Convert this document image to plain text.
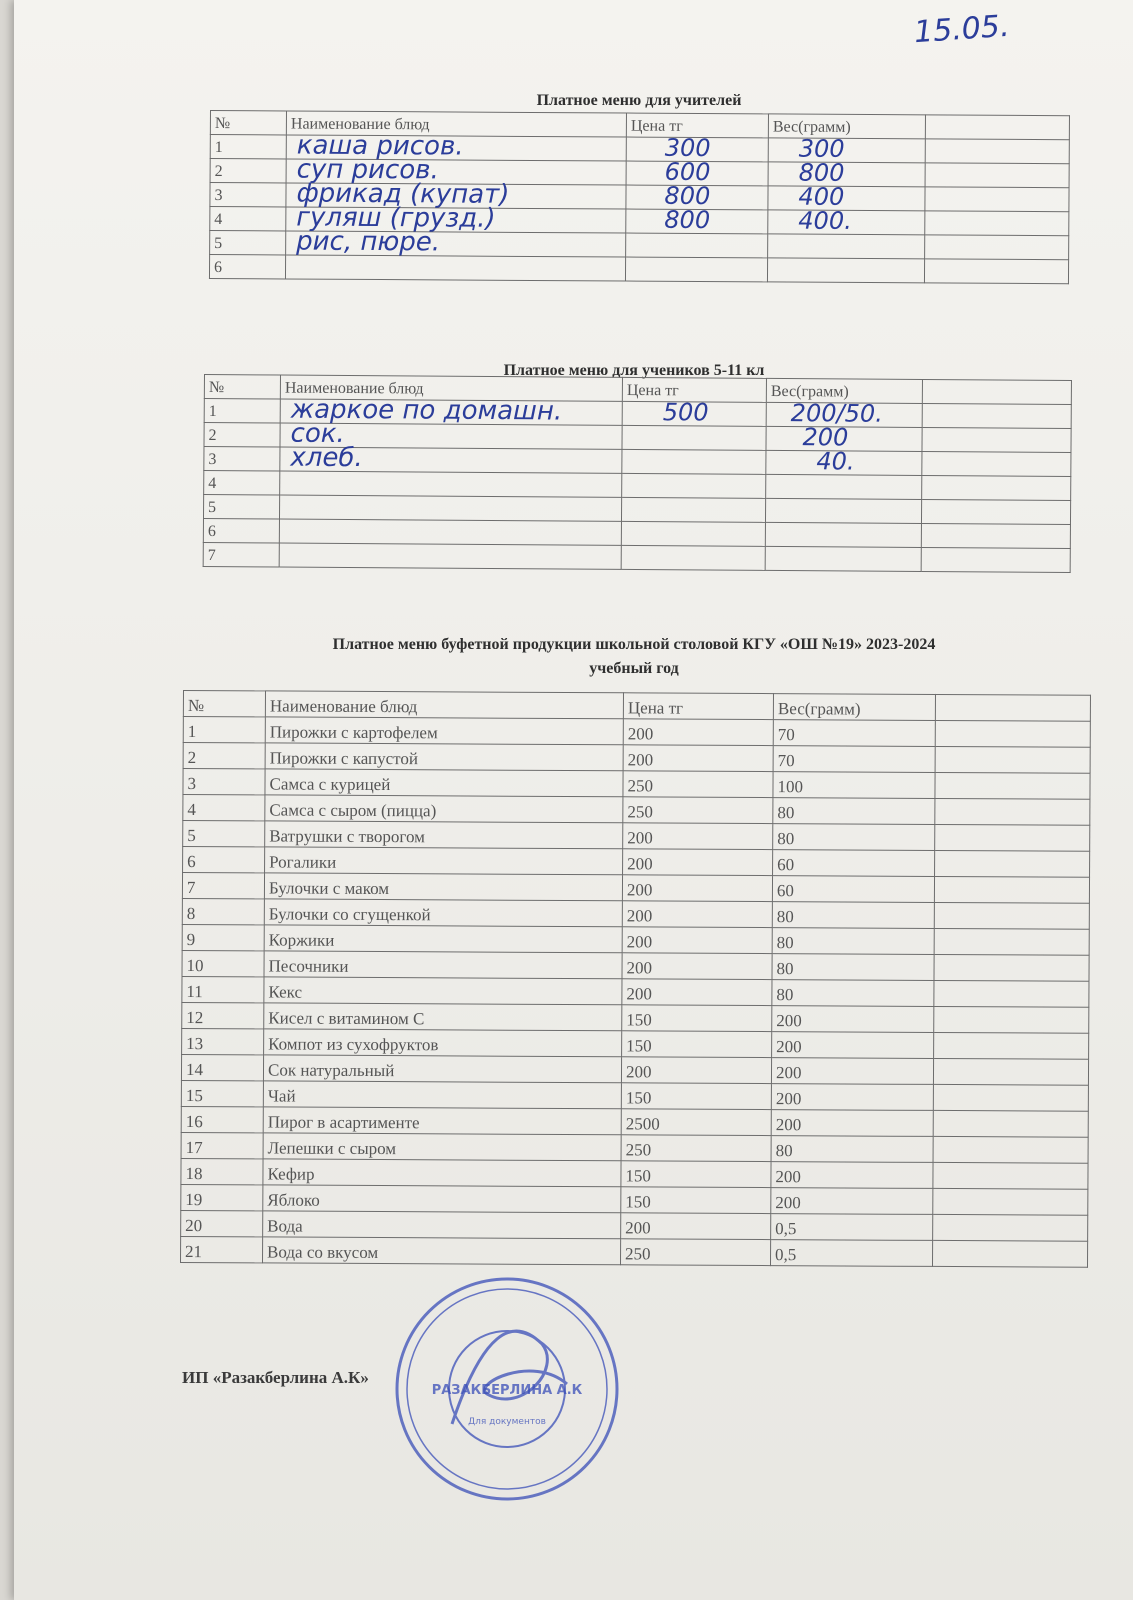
15.05.
Платное меню для учителей
№	Наименование блюд	Цена тг	Вес(грамм)	
1	каша рисов.	300	300	

2	суп рисов.	600	800	

3	фрикад (купат)	800	400	

4	гуляш (грузд.)	800	400.	

5	рис, пюре.			

6				
Платное меню для учеников 5-11 кл
№	Наименование блюд	Цена тг	Вес(грамм)	
1	жаркое по домашн.	500	200/50.	

2	сок.		200	

3	хлеб.		40.	

4				
5				
6				
7				
Платное меню буфетной продукции школьной столовой КГУ «ОШ №19» 2023-2024
учебный год
№	Наименование блюд	Цена тг	Вес(грамм)	
1	Пирожки с картофелем	200	70	
2	Пирожки с капустой	200	70	
3	Самса с курицей	250	100	
4	Самса с сыром (пицца)	250	80	
5	Ватрушки с творогом	200	80	
6	Рогалики	200	60	
7	Булочки с маком	200	60	
8	Булочки со сгущенкой	200	80	
9	Коржики	200	80	
10	Песочники	200	80	
11	Кекс	200	80	
12	Кисел с витамином С	150	200	
13	Компот из сухофруктов	150	200	
14	Сок натуральный	200	200	
15	Чай	150	200	
16	Пирог в асартименте	2500	200	
17	Лепешки с сыром	250	80	
18	Кефир	150	200	
19	Яблоко	150	200	
20	Вода	200	0,5	
21	Вода со вкусом	250	0,5	
ИП «Разакберлина А.К»
РАЗАКБЕРЛИНА А.К
Для документов
